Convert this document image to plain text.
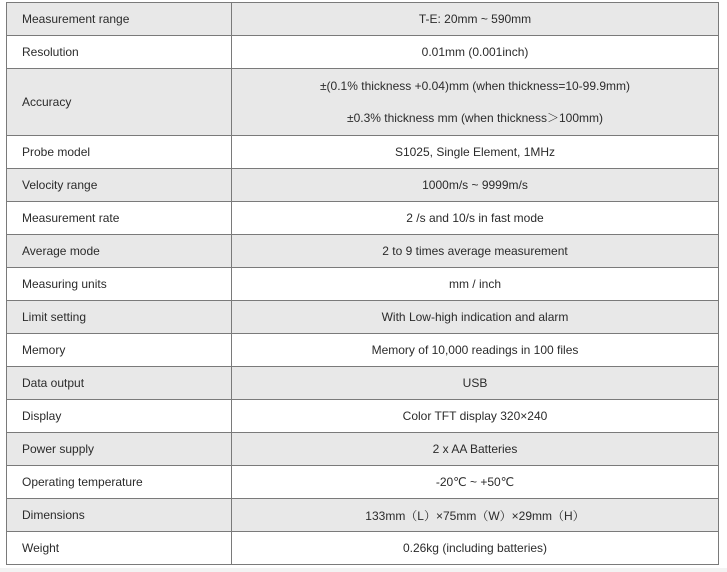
Measurement range	T-E: 20mm ~ 590mm
Resolution	0.01mm (0.001inch)
Accuracy	±(0.1% thickness +0.04)mm (when thickness=10-99.9mm)
±0.3% thickness mm (when thickness＞100mm)

Probe model	S1025, Single Element, 1MHz
Velocity range	1000m/s ~ 9999m/s
Measurement rate	2 /s and 10/s in fast mode
Average mode	2 to 9 times average measurement
Measuring units	mm / inch
Limit setting	With Low-high indication and alarm
Memory	Memory of 10,000 readings in 100 files
Data output	USB
Display	Color TFT display 320×240
Power supply	2 x AA Batteries
Operating temperature	-20℃ ~ +50℃
Dimensions	133mm（L）×75mm（W）×29mm（H）
Weight	0.26kg (including batteries)
